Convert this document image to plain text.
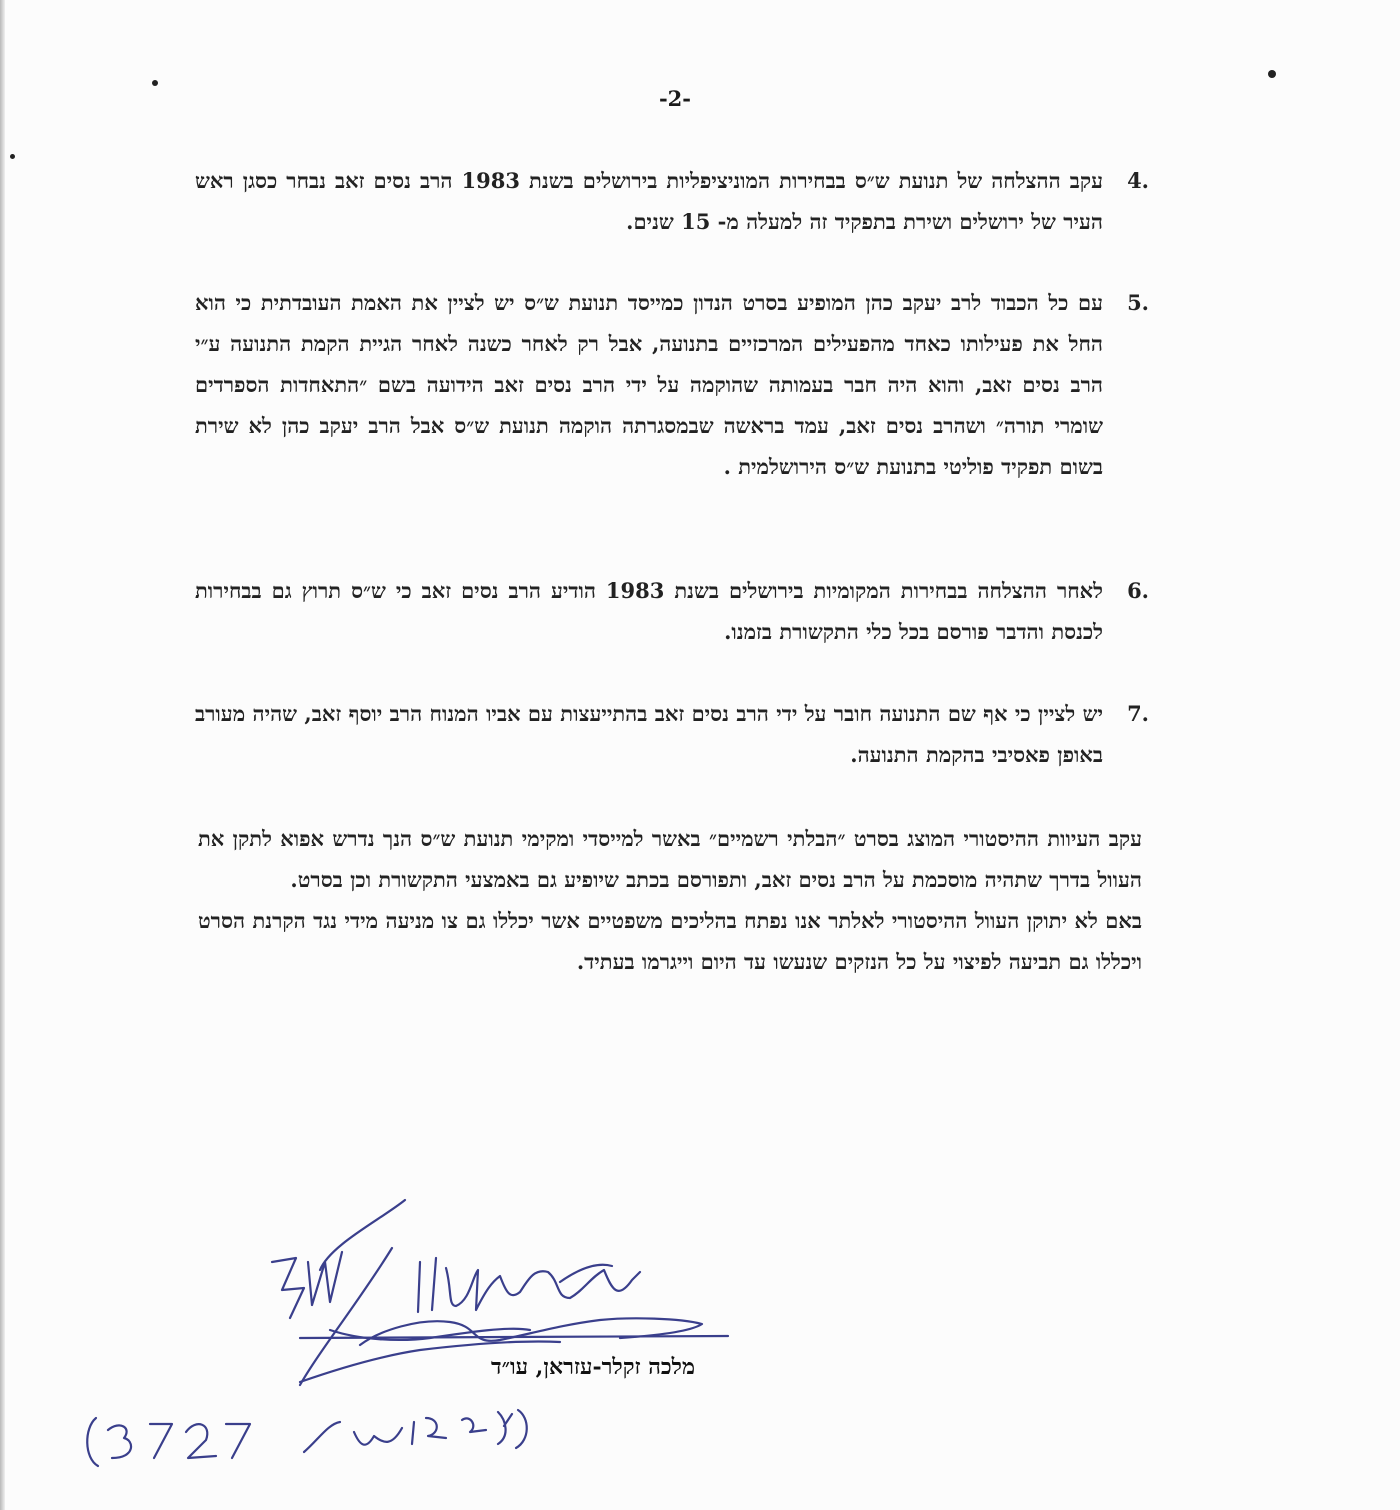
-2-
4.
עקב ההצלחה של תנועת ש״ס בבחירות המוניציפליות בירושלים בשנת 1983 הרב נסים זאב נבחר כסגן ראש העיר של ירושלים ושירת בתפקיד זה למעלה מ- 15 שנים.
5.
עם כל הכבוד לרב יעקב כהן המופיע בסרט הנדון כמייסד תנועת ש״ס יש לציין את האמת העובדתית כי הוא החל את פעילותו כאחד מהפעילים המרכזיים בתנועה, אבל רק לאחר כשנה לאחר הגיית הקמת התנועה ע״י הרב נסים זאב, והוא היה חבר בעמותה שהוקמה על ידי הרב נסים זאב הידועה בשם ״התאחדות הספרדים שומרי תורה״ ושהרב נסים זאב, עמד בראשה שבמסגרתה הוקמה תנועת ש״ס אבל הרב יעקב כהן לא שירת בשום תפקיד פוליטי בתנועת ש״ס הירושלמית .
6.
לאחר ההצלחה בבחירות המקומיות בירושלים בשנת 1983 הודיע הרב נסים זאב כי ש״ס תרוץ גם בבחירות לכנסת והדבר פורסם בכל כלי התקשורת בזמנו.
7.
יש לציין כי אף שם התנועה חובר על ידי הרב נסים זאב בהתייעצות עם אביו המנוח הרב יוסף זאב, שהיה מעורב באופן פאסיבי בהקמת התנועה.

עקב העיוות ההיסטורי המוצג בסרט ״הבלתי רשמיים״ באשר למייסדי ומקימי תנועת ש״ס הנך נדרש אפוא לתקן את העוול בדרך שתהיה מוסכמת על הרב נסים זאב, ותפורסם בכתב שיופיע גם באמצעי התקשורת וכן בסרט.

באם לא יתוקן העוול ההיסטורי לאלתר אנו נפתח בהליכים משפטיים אשר יכללו גם צו מניעה מידי נגד הקרנת הסרט ויכללו גם תביעה לפיצוי על כל הנזקים שנעשו עד היום וייגרמו בעתיד.

מלכה זקלר-עזראן, עו״ד
